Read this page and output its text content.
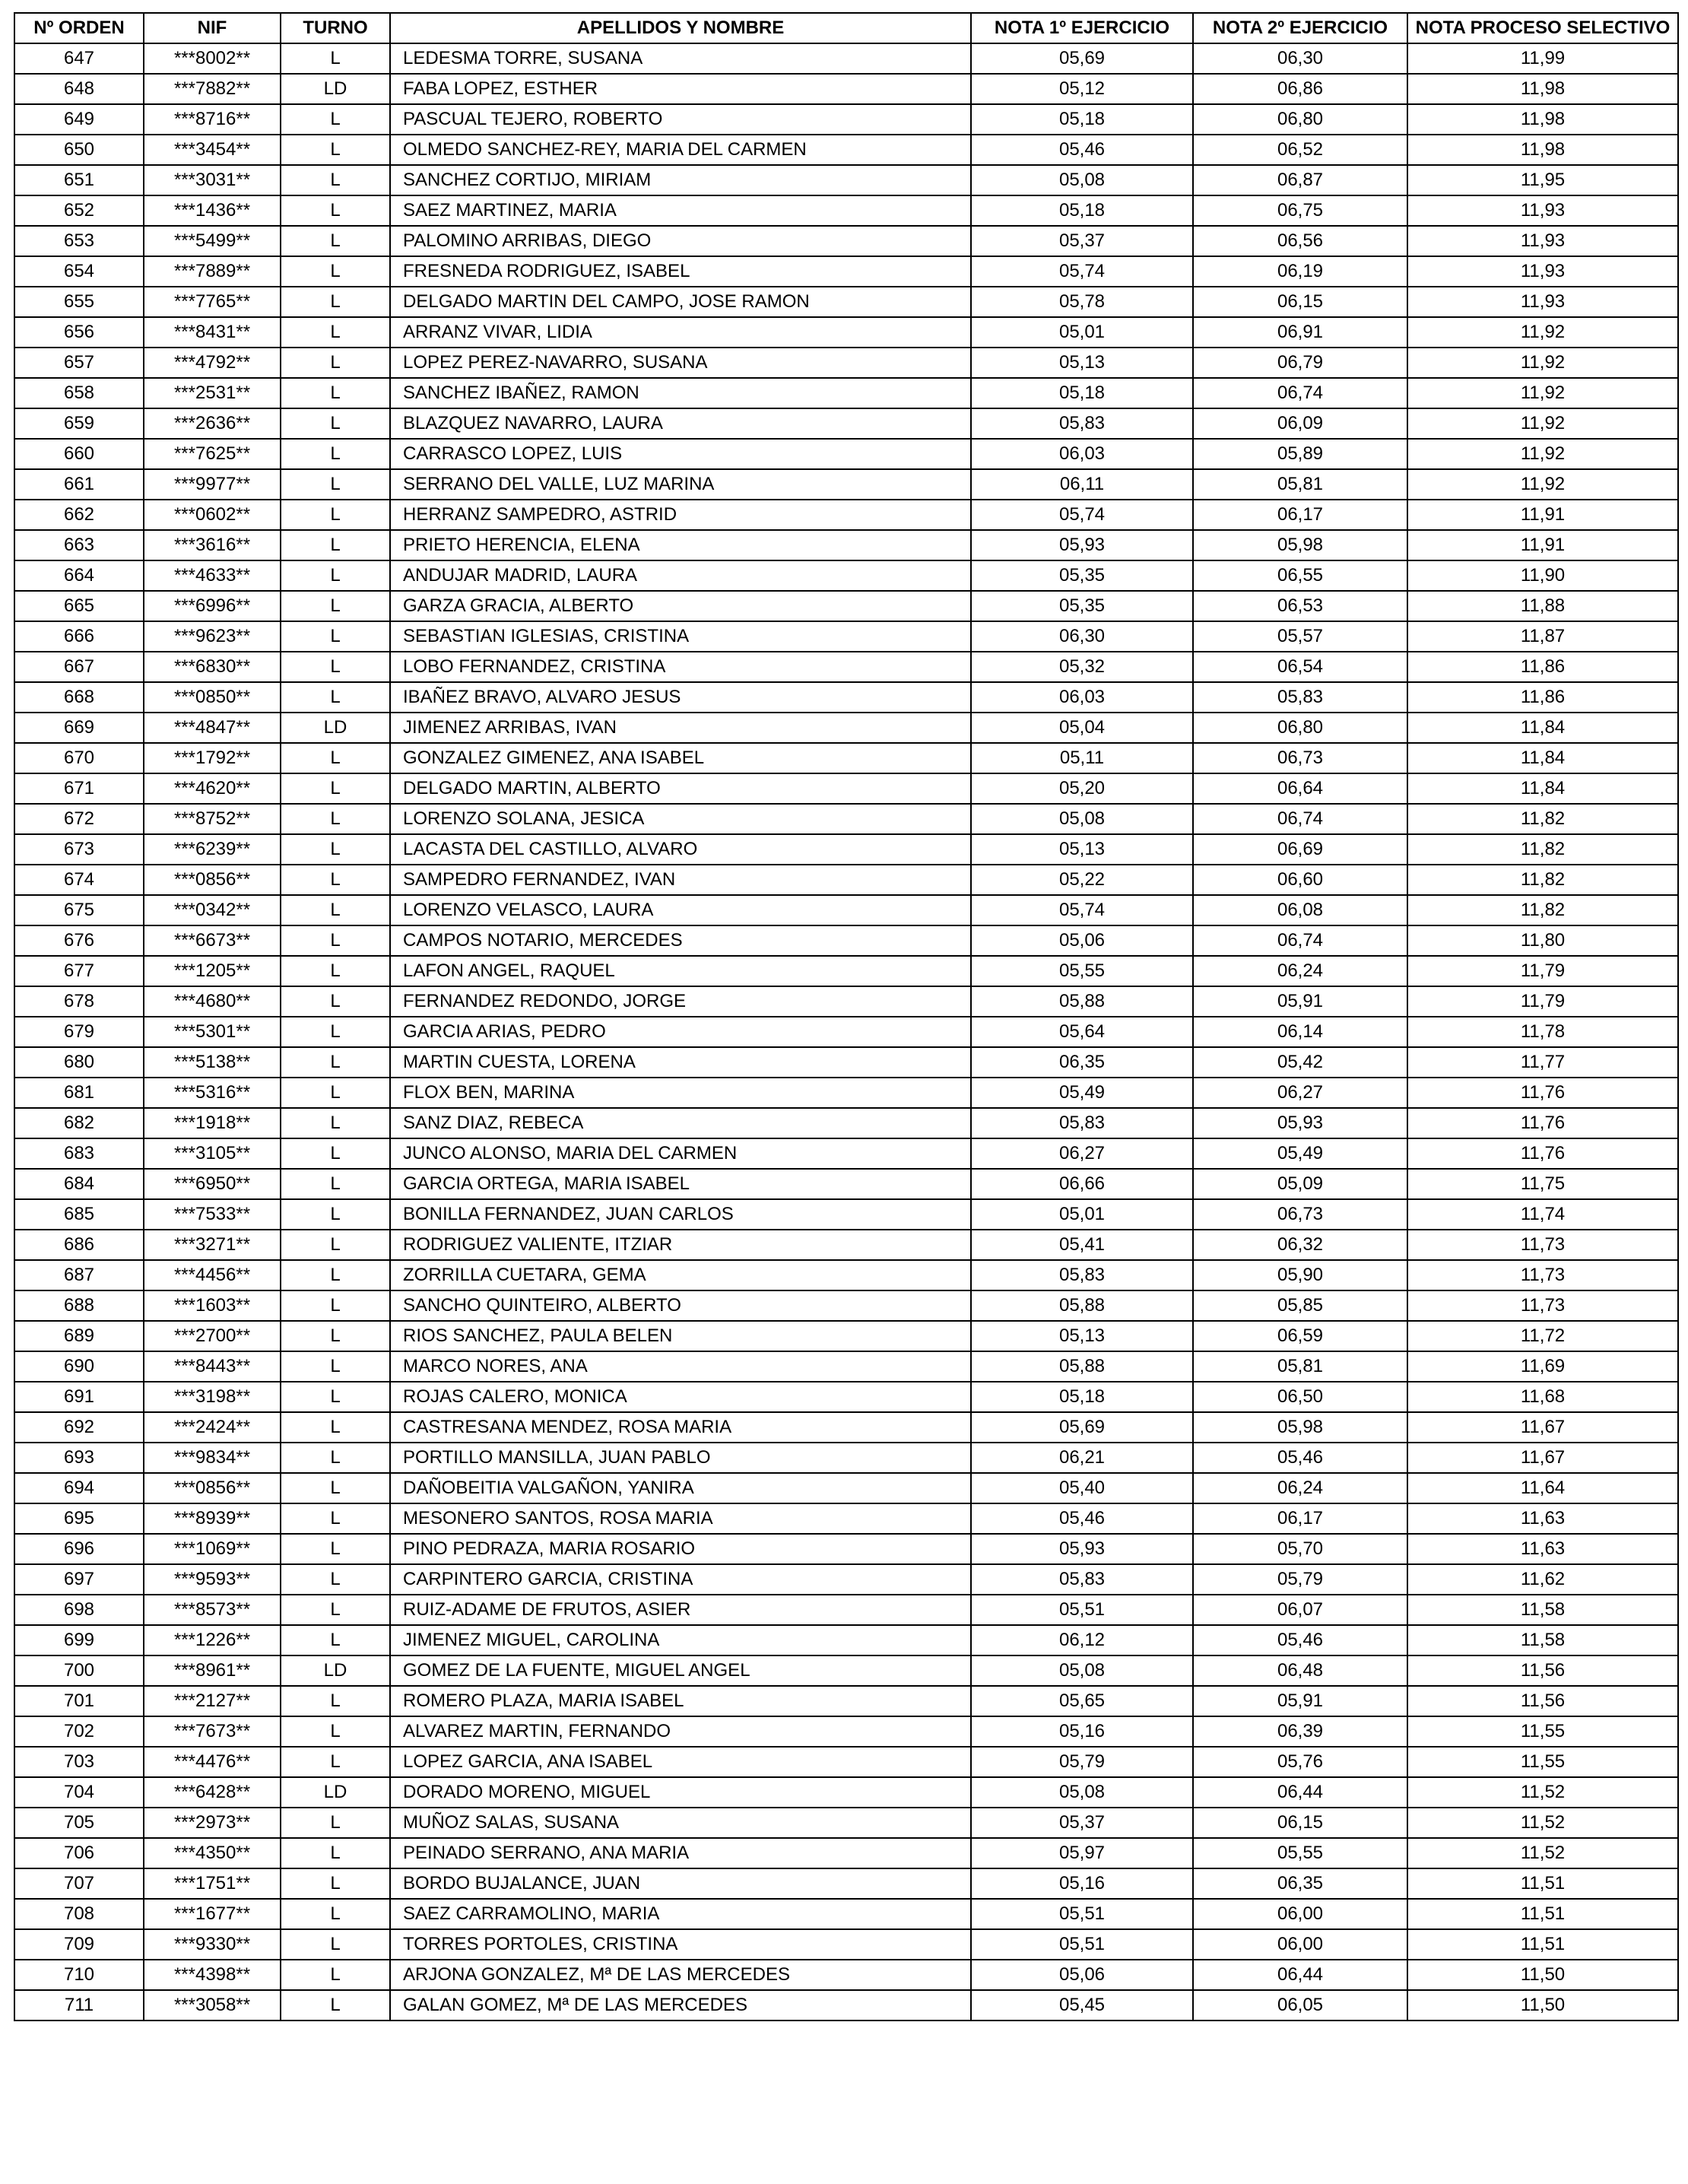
Nº ORDEN	NIF	TURNO	APELLIDOS Y NOMBRE	NOTA 1º EJERCICIO	NOTA 2º EJERCICIO	NOTA PROCESO SELECTIVO
647	***8002**	L	LEDESMA TORRE, SUSANA	05,69	06,30	11,99
648	***7882**	LD	FABA LOPEZ, ESTHER	05,12	06,86	11,98
649	***8716**	L	PASCUAL TEJERO, ROBERTO	05,18	06,80	11,98
650	***3454**	L	OLMEDO SANCHEZ-REY, MARIA DEL CARMEN	05,46	06,52	11,98
651	***3031**	L	SANCHEZ CORTIJO, MIRIAM	05,08	06,87	11,95
652	***1436**	L	SAEZ MARTINEZ, MARIA	05,18	06,75	11,93
653	***5499**	L	PALOMINO ARRIBAS, DIEGO	05,37	06,56	11,93
654	***7889**	L	FRESNEDA RODRIGUEZ, ISABEL	05,74	06,19	11,93
655	***7765**	L	DELGADO MARTIN DEL CAMPO, JOSE RAMON	05,78	06,15	11,93
656	***8431**	L	ARRANZ VIVAR, LIDIA	05,01	06,91	11,92
657	***4792**	L	LOPEZ PEREZ-NAVARRO, SUSANA	05,13	06,79	11,92
658	***2531**	L	SANCHEZ IBAÑEZ, RAMON	05,18	06,74	11,92
659	***2636**	L	BLAZQUEZ NAVARRO, LAURA	05,83	06,09	11,92
660	***7625**	L	CARRASCO LOPEZ, LUIS	06,03	05,89	11,92
661	***9977**	L	SERRANO DEL VALLE, LUZ MARINA	06,11	05,81	11,92
662	***0602**	L	HERRANZ SAMPEDRO, ASTRID	05,74	06,17	11,91
663	***3616**	L	PRIETO HERENCIA, ELENA	05,93	05,98	11,91
664	***4633**	L	ANDUJAR MADRID, LAURA	05,35	06,55	11,90
665	***6996**	L	GARZA GRACIA, ALBERTO	05,35	06,53	11,88
666	***9623**	L	SEBASTIAN IGLESIAS, CRISTINA	06,30	05,57	11,87
667	***6830**	L	LOBO FERNANDEZ, CRISTINA	05,32	06,54	11,86
668	***0850**	L	IBAÑEZ BRAVO, ALVARO JESUS	06,03	05,83	11,86
669	***4847**	LD	JIMENEZ ARRIBAS, IVAN	05,04	06,80	11,84
670	***1792**	L	GONZALEZ GIMENEZ, ANA ISABEL	05,11	06,73	11,84
671	***4620**	L	DELGADO MARTIN, ALBERTO	05,20	06,64	11,84
672	***8752**	L	LORENZO SOLANA, JESICA	05,08	06,74	11,82
673	***6239**	L	LACASTA DEL CASTILLO, ALVARO	05,13	06,69	11,82
674	***0856**	L	SAMPEDRO FERNANDEZ, IVAN	05,22	06,60	11,82
675	***0342**	L	LORENZO VELASCO, LAURA	05,74	06,08	11,82
676	***6673**	L	CAMPOS NOTARIO, MERCEDES	05,06	06,74	11,80
677	***1205**	L	LAFON ANGEL, RAQUEL	05,55	06,24	11,79
678	***4680**	L	FERNANDEZ REDONDO, JORGE	05,88	05,91	11,79
679	***5301**	L	GARCIA ARIAS, PEDRO	05,64	06,14	11,78
680	***5138**	L	MARTIN CUESTA, LORENA	06,35	05,42	11,77
681	***5316**	L	FLOX BEN, MARINA	05,49	06,27	11,76
682	***1918**	L	SANZ DIAZ, REBECA	05,83	05,93	11,76
683	***3105**	L	JUNCO ALONSO, MARIA DEL CARMEN	06,27	05,49	11,76
684	***6950**	L	GARCIA ORTEGA, MARIA ISABEL	06,66	05,09	11,75
685	***7533**	L	BONILLA FERNANDEZ, JUAN CARLOS	05,01	06,73	11,74
686	***3271**	L	RODRIGUEZ VALIENTE, ITZIAR	05,41	06,32	11,73
687	***4456**	L	ZORRILLA CUETARA, GEMA	05,83	05,90	11,73
688	***1603**	L	SANCHO QUINTEIRO, ALBERTO	05,88	05,85	11,73
689	***2700**	L	RIOS SANCHEZ, PAULA BELEN	05,13	06,59	11,72
690	***8443**	L	MARCO NORES, ANA	05,88	05,81	11,69
691	***3198**	L	ROJAS CALERO, MONICA	05,18	06,50	11,68
692	***2424**	L	CASTRESANA MENDEZ, ROSA MARIA	05,69	05,98	11,67
693	***9834**	L	PORTILLO MANSILLA, JUAN PABLO	06,21	05,46	11,67
694	***0856**	L	DAÑOBEITIA VALGAÑON, YANIRA	05,40	06,24	11,64
695	***8939**	L	MESONERO SANTOS, ROSA MARIA	05,46	06,17	11,63
696	***1069**	L	PINO PEDRAZA, MARIA ROSARIO	05,93	05,70	11,63
697	***9593**	L	CARPINTERO GARCIA, CRISTINA	05,83	05,79	11,62
698	***8573**	L	RUIZ-ADAME DE FRUTOS, ASIER	05,51	06,07	11,58
699	***1226**	L	JIMENEZ MIGUEL, CAROLINA	06,12	05,46	11,58
700	***8961**	LD	GOMEZ DE LA FUENTE, MIGUEL ANGEL	05,08	06,48	11,56
701	***2127**	L	ROMERO PLAZA, MARIA ISABEL	05,65	05,91	11,56
702	***7673**	L	ALVAREZ MARTIN, FERNANDO	05,16	06,39	11,55
703	***4476**	L	LOPEZ GARCIA, ANA ISABEL	05,79	05,76	11,55
704	***6428**	LD	DORADO MORENO, MIGUEL	05,08	06,44	11,52
705	***2973**	L	MUÑOZ SALAS, SUSANA	05,37	06,15	11,52
706	***4350**	L	PEINADO SERRANO, ANA MARIA	05,97	05,55	11,52
707	***1751**	L	BORDO BUJALANCE, JUAN	05,16	06,35	11,51
708	***1677**	L	SAEZ CARRAMOLINO, MARIA	05,51	06,00	11,51
709	***9330**	L	TORRES PORTOLES, CRISTINA	05,51	06,00	11,51
710	***4398**	L	ARJONA GONZALEZ, Mª DE LAS MERCEDES	05,06	06,44	11,50
711	***3058**	L	GALAN GOMEZ, Mª DE LAS MERCEDES	05,45	06,05	11,50
